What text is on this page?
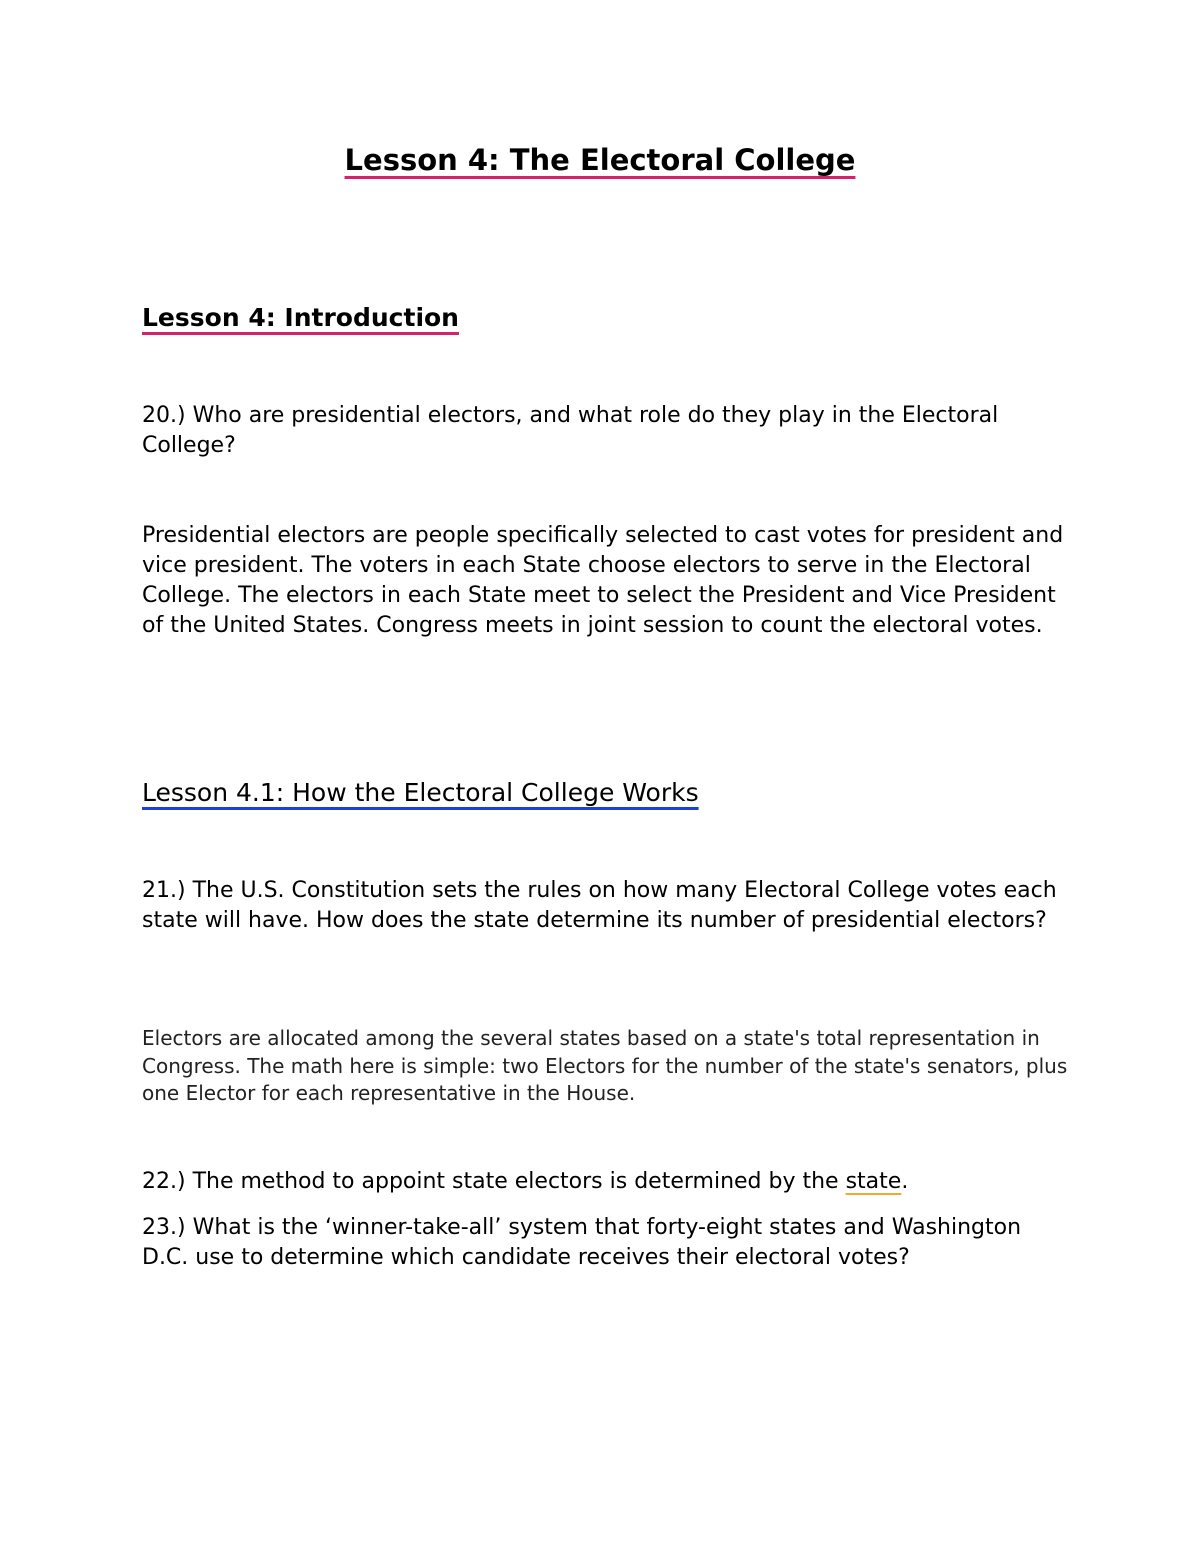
Lesson 4: The Electoral College
Lesson 4: Introduction

20.) Who are presidential electors, and what role do they play in the Electoral College?

Presidential electors are people specifically selected to cast votes for president and vice president. The voters in each State choose electors to serve in the Electoral College. The electors in each State meet to select the President and Vice President of the United States. Congress meets in joint session to count the electoral votes.

Lesson 4.1: How the Electoral College Works

21.) The U.S. Constitution sets the rules on how many Electoral College votes each state will have. How does the state determine its number of presidential electors?

Electors are allocated among the several states based on a state's total representation in Congress. The math here is simple: two Electors for the number of the state's senators, plus one Elector for each representative in the House.

22.) The method to appoint state electors is determined by the state.

23.) What is the ‘winner-take-all’ system that forty-eight states and Washington D.C. use to determine which candidate receives their electoral votes?
